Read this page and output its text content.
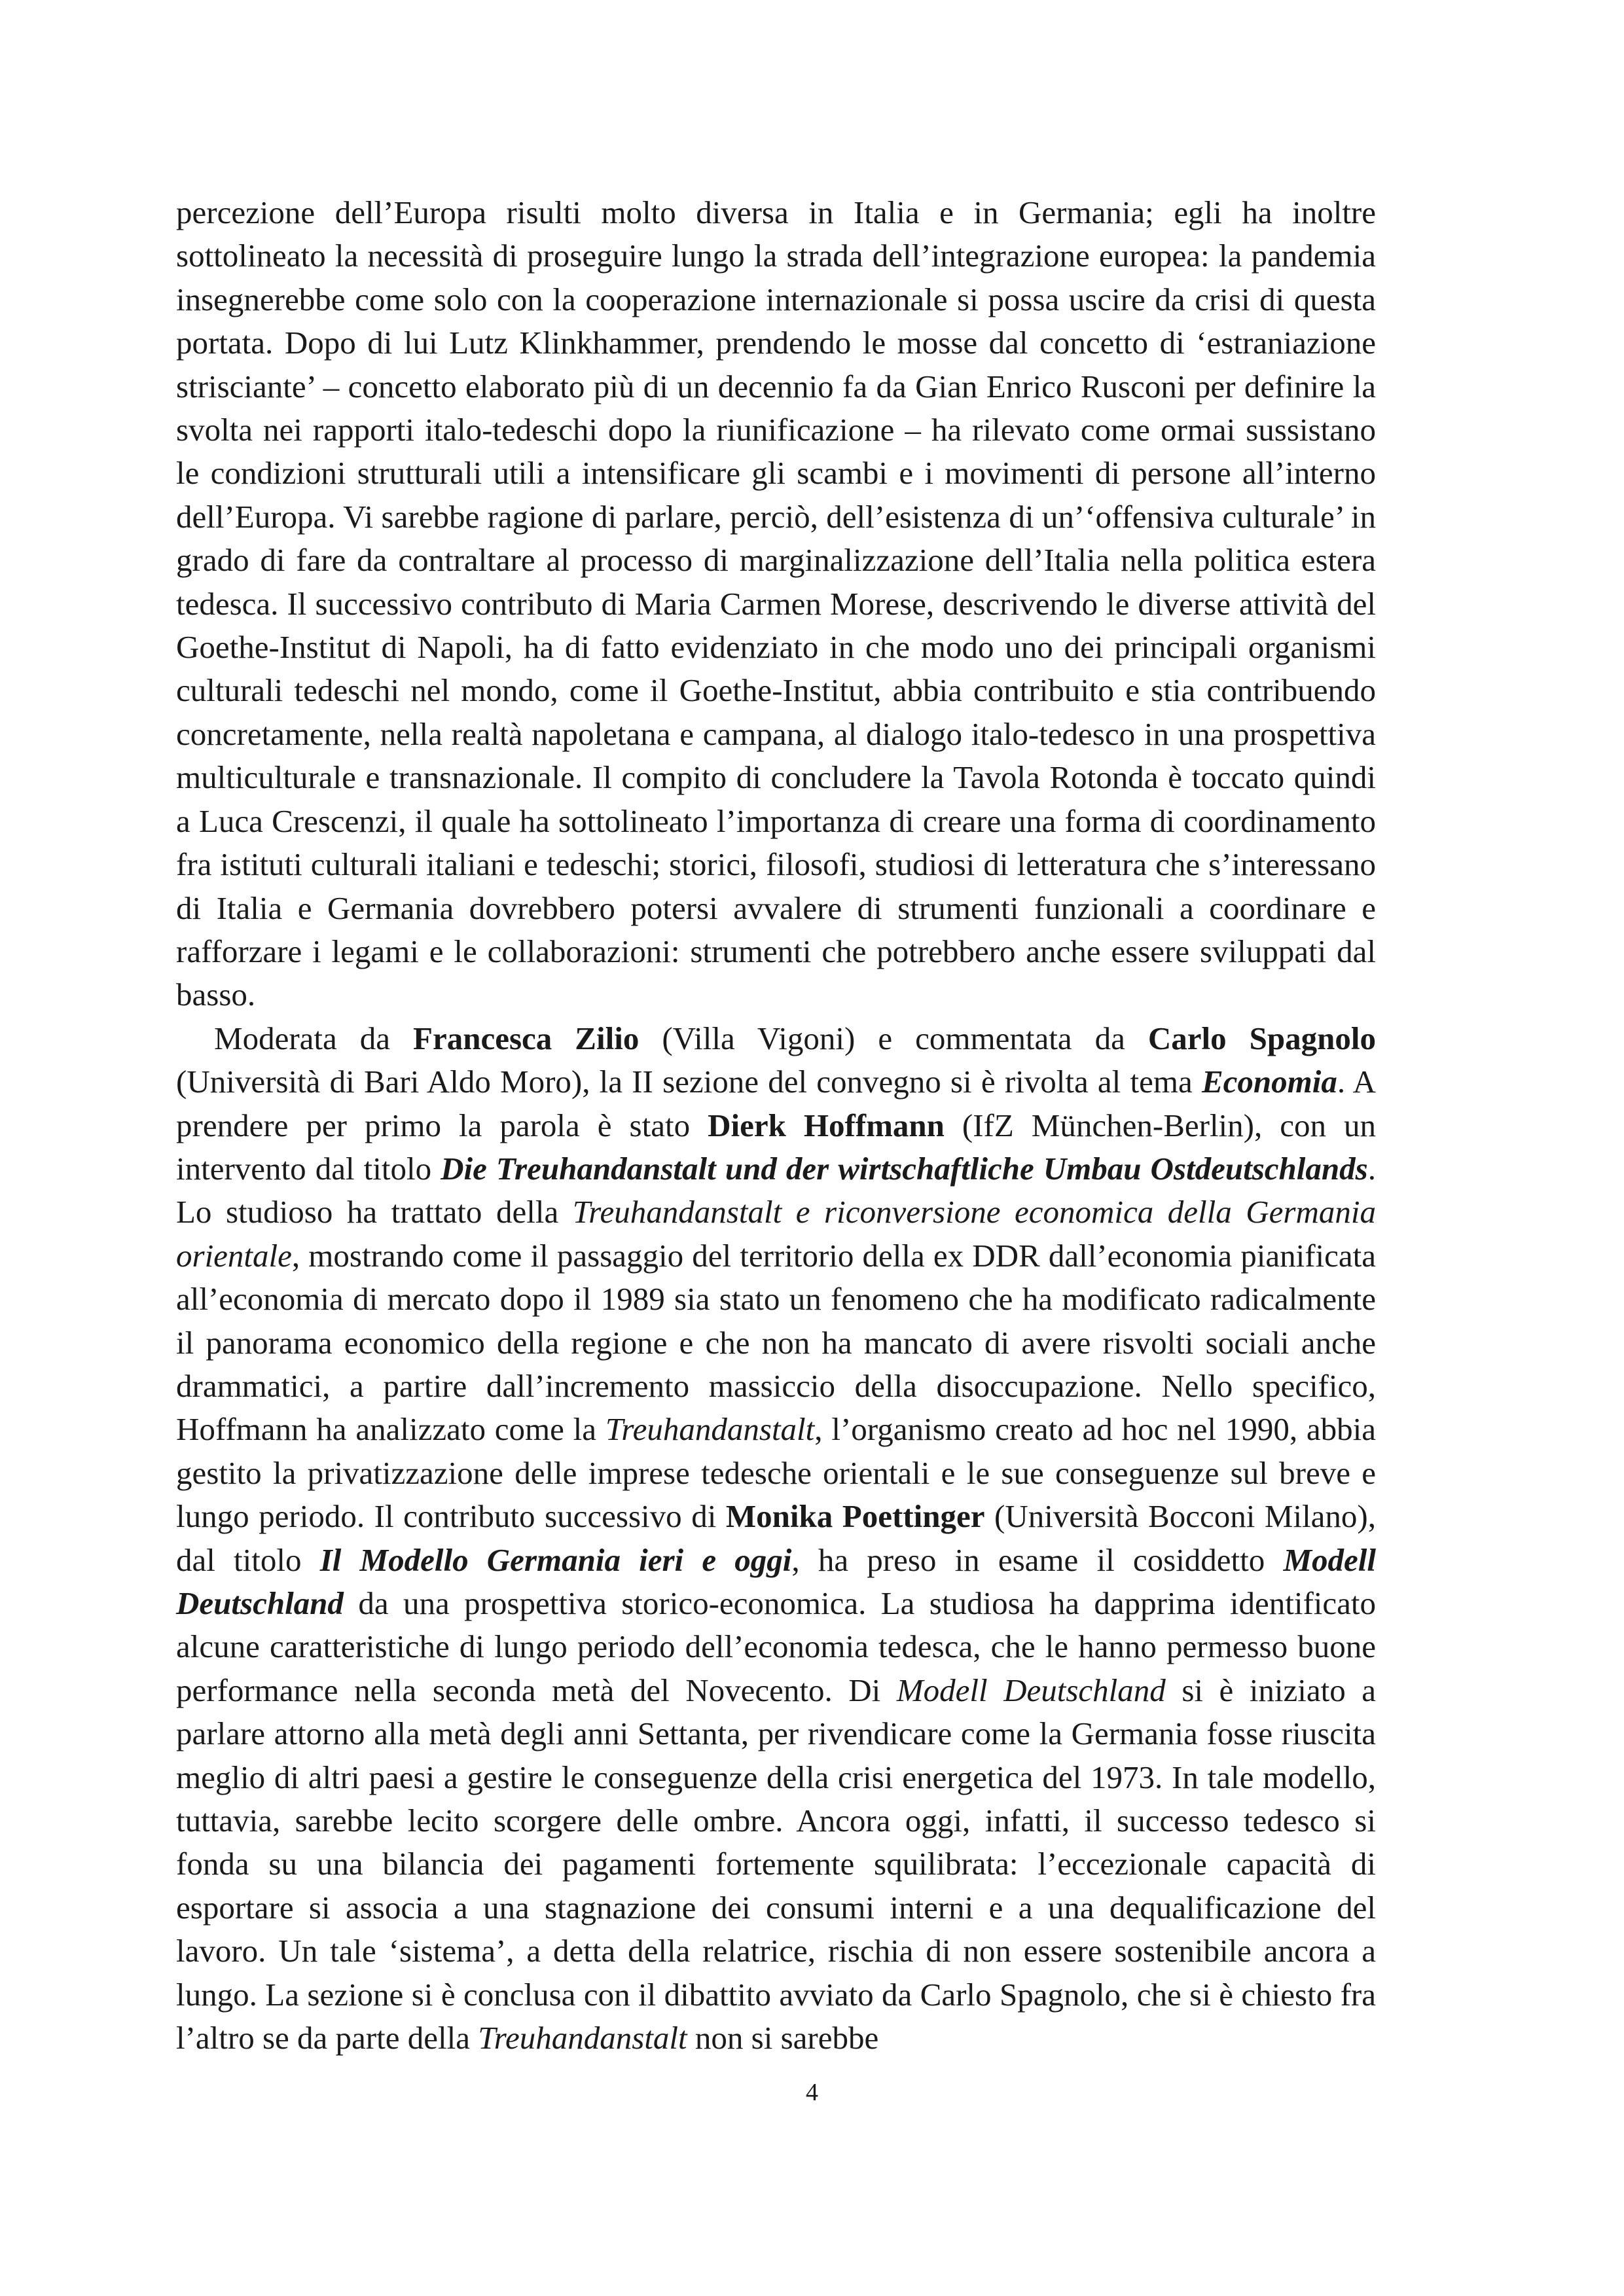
percezione dell’Europa risulti molto diversa in Italia e in Germania; egli ha inoltre sottolineato la necessità di proseguire lungo la strada dell’integrazione europea: la pandemia insegnerebbe come solo con la cooperazione internazionale si possa uscire da crisi di questa portata. Dopo di lui Lutz Klinkhammer, prendendo le mosse dal concetto di ‘estraniazione strisciante’ – concetto elaborato più di un decennio fa da Gian Enrico Rusconi per definire la svolta nei rapporti italo-tedeschi dopo la riunificazione – ha rilevato come ormai sussistano le condizioni strutturali utili a intensificare gli scambi e i movimenti di persone all’interno dell’Europa. Vi sarebbe ragione di parlare, perciò, dell’esistenza di un’‘offensiva culturale’ in grado di fare da contraltare al processo di marginalizzazione dell’Italia nella politica estera tedesca. Il successivo contributo di Maria Carmen Morese, descrivendo le diverse attività del Goethe-Institut di Napoli, ha di fatto evidenziato in che modo uno dei principali organismi culturali tedeschi nel mondo, come il Goethe-Institut, abbia contribuito e stia contribuendo concretamente, nella realtà napoletana e campana, al dialogo italo-tedesco in una prospettiva multiculturale e transnazionale. Il compito di concludere la Tavola Rotonda è toccato quindi a Luca Crescenzi, il quale ha sottolineato l’importanza di creare una forma di coordinamento fra istituti culturali italiani e tedeschi; storici, filosofi, studiosi di letteratura che s’interessano di Italia e Germania dovrebbero potersi avvalere di strumenti funzionali a coordinare e rafforzare i legami e le collaborazioni: strumenti che potrebbero anche essere sviluppati dal basso.

Moderata da Francesca Zilio (Villa Vigoni) e commentata da Carlo Spagnolo (Università di Bari Aldo Moro), la II sezione del convegno si è rivolta al tema Economia. A prendere per primo la parola è stato Dierk Hoffmann (IfZ München-Berlin), con un intervento dal titolo Die Treuhandanstalt und der wirtschaftliche Umbau Ostdeutschlands. Lo studioso ha trattato della Treuhandanstalt e riconversione economica della Germania orientale, mostrando come il passaggio del territorio della ex DDR dall’economia pianificata all’economia di mercato dopo il 1989 sia stato un fenomeno che ha modificato radicalmente il panorama economico della regione e che non ha mancato di avere risvolti sociali anche drammatici, a partire dall’incremento massiccio della disoccupazione. Nello specifico, Hoffmann ha analizzato come la Treuhandanstalt, l’organismo creato ad hoc nel 1990, abbia gestito la privatizzazione delle imprese tedesche orientali e le sue conseguenze sul breve e lungo periodo. Il contributo successivo di Monika Poettinger (Università Bocconi Milano), dal titolo Il Modello Germania ieri e oggi, ha preso in esame il cosiddetto Modell Deutschland da una prospettiva storico-economica. La studiosa ha dapprima identificato alcune caratteristiche di lungo periodo dell’economia tedesca, che le hanno permesso buone performance nella seconda metà del Novecento. Di Modell Deutschland si è iniziato a parlare attorno alla metà degli anni Settanta, per rivendicare come la Germania fosse riuscita meglio di altri paesi a gestire le conseguenze della crisi energetica del 1973. In tale modello, tuttavia, sarebbe lecito scorgere delle ombre. Ancora oggi, infatti, il successo tedesco si fonda su una bilancia dei pagamenti fortemente squilibrata: l’eccezionale capacità di esportare si associa a una stagnazione dei consumi interni e a una dequalificazione del lavoro. Un tale ‘sistema’, a detta della relatrice, rischia di non essere sostenibile ancora a lungo. La sezione si è conclusa con il dibattito avviato da Carlo Spagnolo, che si è chiesto fra l’altro se da parte della Treuhandanstalt non si sarebbe

4
